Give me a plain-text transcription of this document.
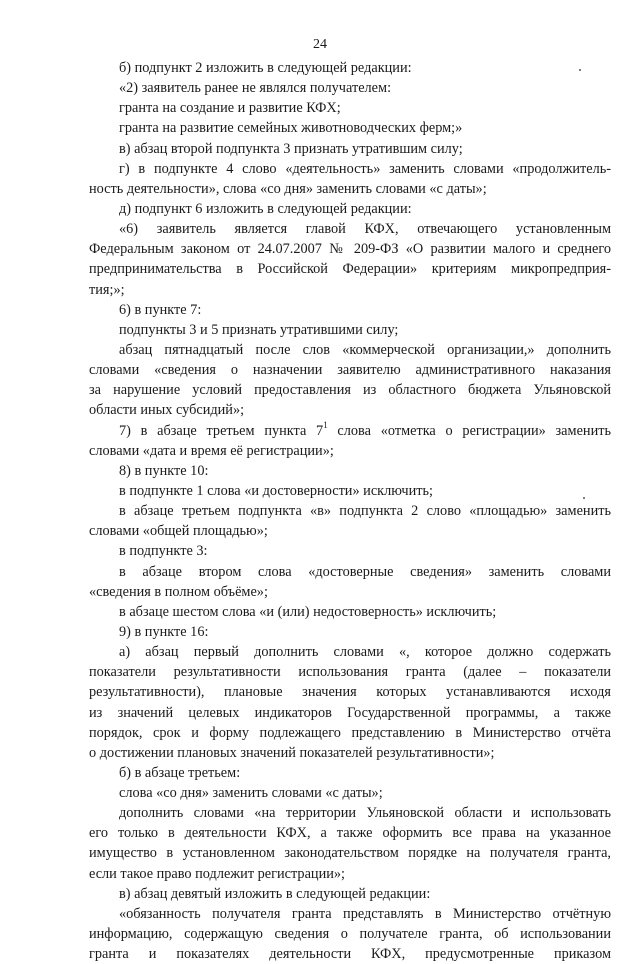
24
б) подпункт 2 изложить в следующей редакции:
«2) заявитель ранее не являлся получателем:
гранта на создание и развитие КФХ;
гранта на развитие семейных животноводческих ферм;»
в) абзац второй подпункта 3 признать утратившим силу;
г) в подпункте 4 слово «деятельность» заменить словами «продолжитель-
ность деятельности», слова «со дня» заменить словами «с даты»;
д) подпункт 6 изложить в следующей редакции:
«6) заявитель является главой КФХ, отвечающего установленным
Федеральным законом от 24.07.2007 № 209-ФЗ «О развитии малого и среднего
предпринимательства в Российской Федерации» критериям микропредприя-
тия;»;
6) в пункте 7:
подпункты 3 и 5 признать утратившими силу;
абзац пятнадцатый после слов «коммерческой организации,» дополнить
словами «сведения о назначении заявителю административного наказания
за нарушение условий предоставления из областного бюджета Ульяновской
области иных субсидий»;
7) в абзаце третьем пункта $7^1$ слова «отметка о регистрации» заменить
словами «дата и время её регистрации»;
8) в пункте 10:
в подпункте 1 слова «и достоверности» исключить;
в абзаце третьем подпункта «в» подпункта 2 слово «площадью» заменить
словами «общей площадью»;
в подпункте 3:
в абзаце втором слова «достоверные сведения» заменить словами
«сведения в полном объёме»;
в абзаце шестом слова «и (или) недостоверность» исключить;
9) в пункте 16:
а) абзац первый дополнить словами «, которое должно содержать
показатели результативности использования гранта (далее – показатели
результативности), плановые значения которых устанавливаются исходя
из значений целевых индикаторов Государственной программы, а также
порядок, срок и форму подлежащего представлению в Министерство отчёта
о достижении плановых значений показателей результативности»;
б) в абзаце третьем:
слова «со дня» заменить словами «с даты»;
дополнить словами «на территории Ульяновской области и использовать
его только в деятельности КФХ, а также оформить все права на указанное
имущество в установленном законодательством порядке на получателя гранта,
если такое право подлежит регистрации»;
в) абзац девятый изложить в следующей редакции:
«обязанность получателя гранта представлять в Министерство отчётную
информацию, содержащую сведения о получателе гранта, об использовании
гранта и показателях деятельности КФХ, предусмотренные приказом
